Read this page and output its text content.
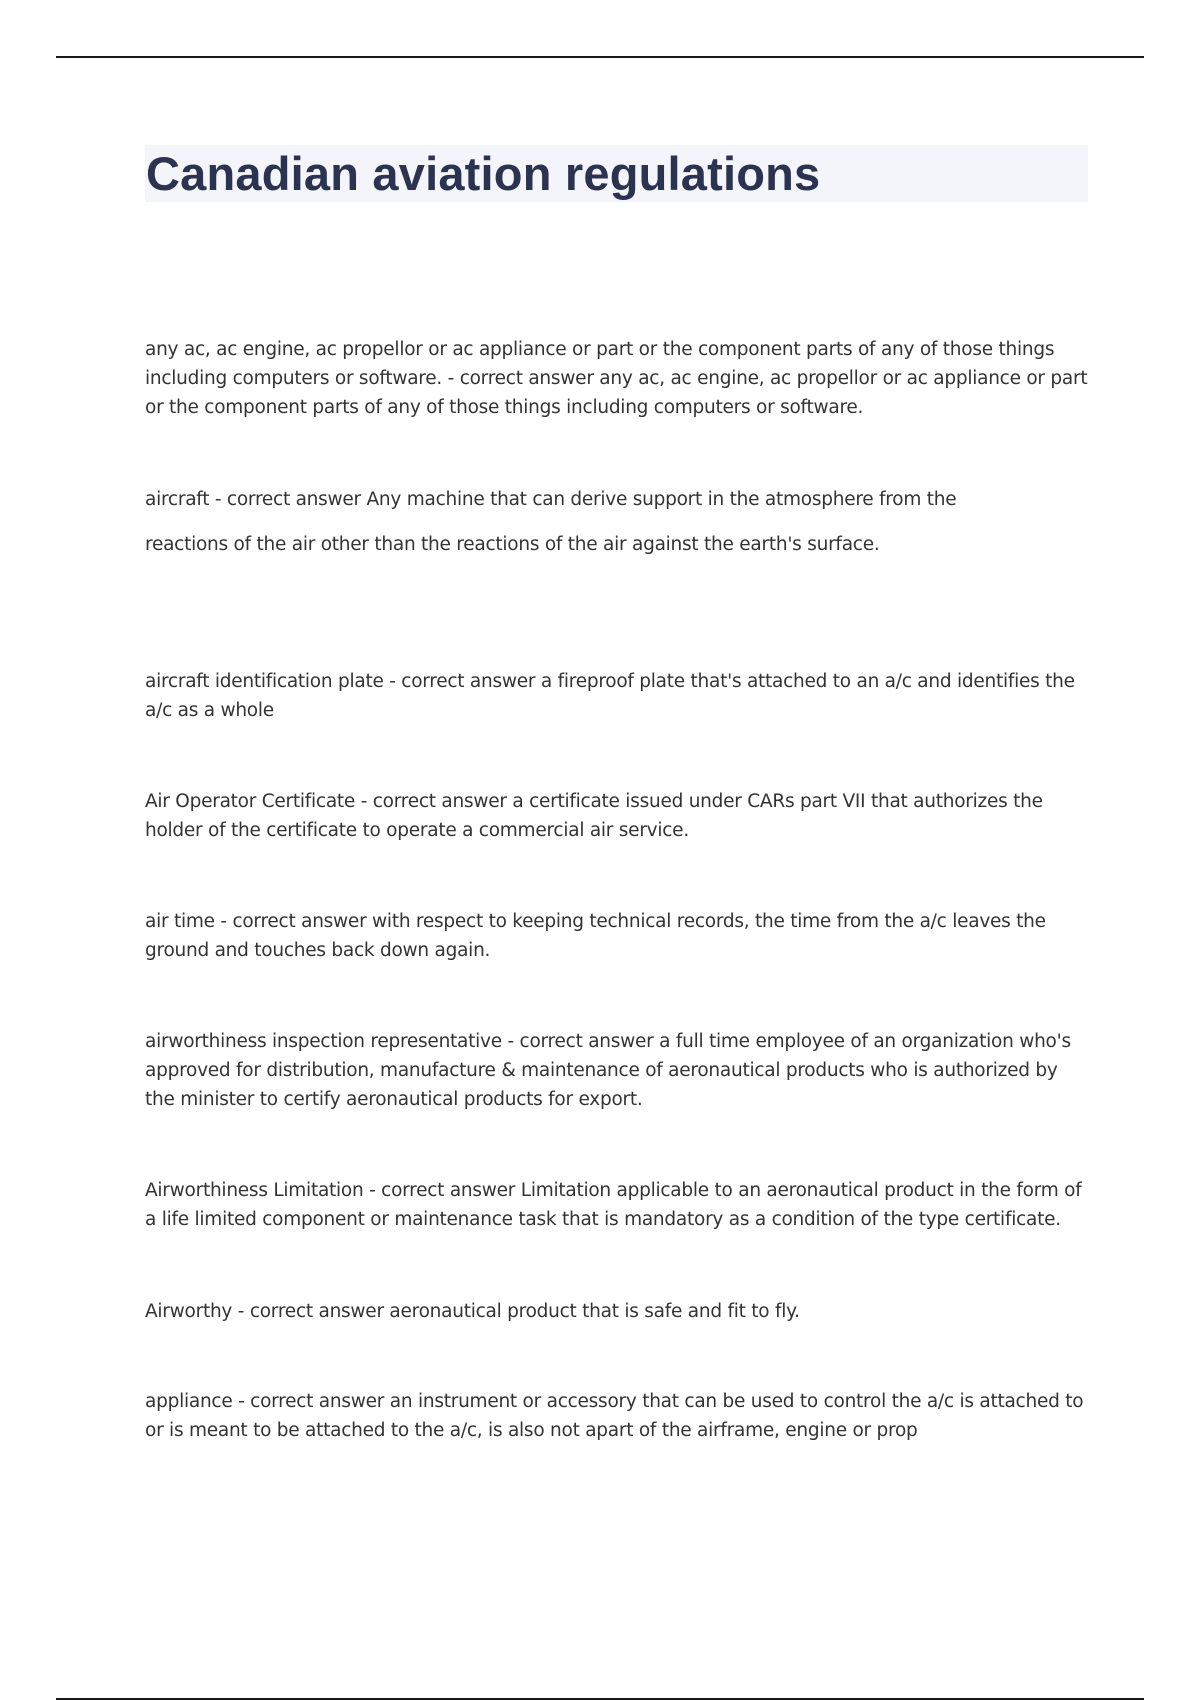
Canadian aviation regulations

any ac, ac engine, ac propellor or ac appliance or part or the component parts of any of those things including computers or software. - correct answer any ac, ac engine, ac propellor or ac appliance or part or the component parts of any of those things including computers or software.

aircraft - correct answer Any machine that can derive support in the atmosphere from the reactions of the air other than the reactions of the air against the earth's surface.

aircraft identification plate - correct answer a fireproof plate that's attached to an a/c and identifies the a/c as a whole

Air Operator Certificate - correct answer a certificate issued under CARs part VII that authorizes the holder of the certificate to operate a commercial air service.

air time - correct answer with respect to keeping technical records, the time from the a/c leaves the ground and touches back down again.

airworthiness inspection representative - correct answer a full time employee of an organization who's approved for distribution, manufacture & maintenance of aeronautical products who is authorized by the minister to certify aeronautical products for export.

Airworthiness Limitation - correct answer Limitation applicable to an aeronautical product in the form of a life limited component or maintenance task that is mandatory as a condition of the type certificate.

Airworthy - correct answer aeronautical product that is safe and fit to fly.

appliance - correct answer an instrument or accessory that can be used to control the a/c is attached to or is meant to be attached to the a/c, is also not apart of the airframe, engine or prop
